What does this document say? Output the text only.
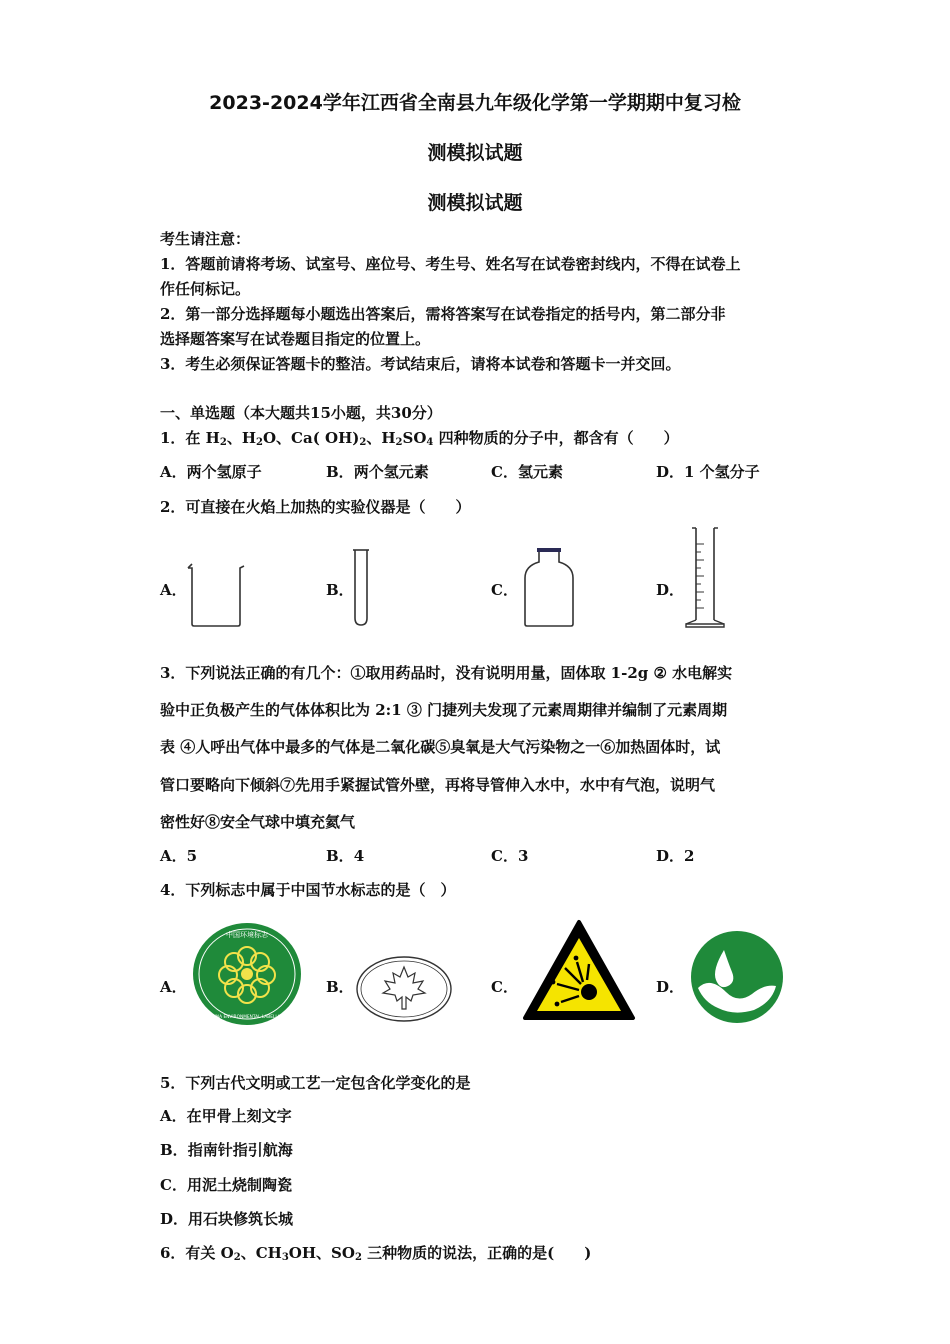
2023-2024学年江西省全南县九年级化学第一学期期中复习检
测模拟试题
测模拟试题
考生请注意：
1．答题前请将考场、试室号、座位号、考生号、姓名写在试卷密封线内，不得在试卷上
作任何标记。
2．第一部分选择题每小题选出答案后，需将答案写在试卷指定的括号内，第二部分非
选择题答案写在试卷题目指定的位置上。
3．考生必须保证答题卡的整洁。考试结束后，请将本试卷和答题卡一并交回。
一、单选题（本大题共15小题，共30分）
1．在 $H_2$、$H_2O$、Ca( $OH)_2$、$H_2SO_4$ 四种物质的分子中，都含有（　　）
A．两个氢原子	B．两个氢元素	C．氢元素	D．1 个氢分子
2．可直接在火焰上加热的实验仪器是（　　）
A．	B．	C．	D．
3．下列说法正确的有几个：①取用药品时，没有说明用量，固体取 1-2g ② 水电解实
验中正负极产生的气体体积比为 2:1 ③ 门捷列夫发现了元素周期律并编制了元素周期
表 ④人呼出气体中最多的气体是二氧化碳⑤臭氧是大气污染物之一⑥加热固体时，试
管口要略向下倾斜⑦先用手紧握试管外壁，再将导管伸入水中，水中有气泡，说明气
密性好⑧安全气球中填充氦气
A．5	B．4	C．3	D．2
4．下列标志中属于中国节水标志的是（　）
A．
中国环境标志
CHINA ENVIRONMENTAL LABELLING
B．	C．	D．
5．下列古代文明或工艺一定包含化学变化的是
A．在甲骨上刻文字
B．指南针指引航海
C．用泥土烧制陶瓷
D．用石块修筑长城
6．有关 $O_2$、$CH_3OH$、$SO_2$ 三种物质的说法，正确的是(　　)
